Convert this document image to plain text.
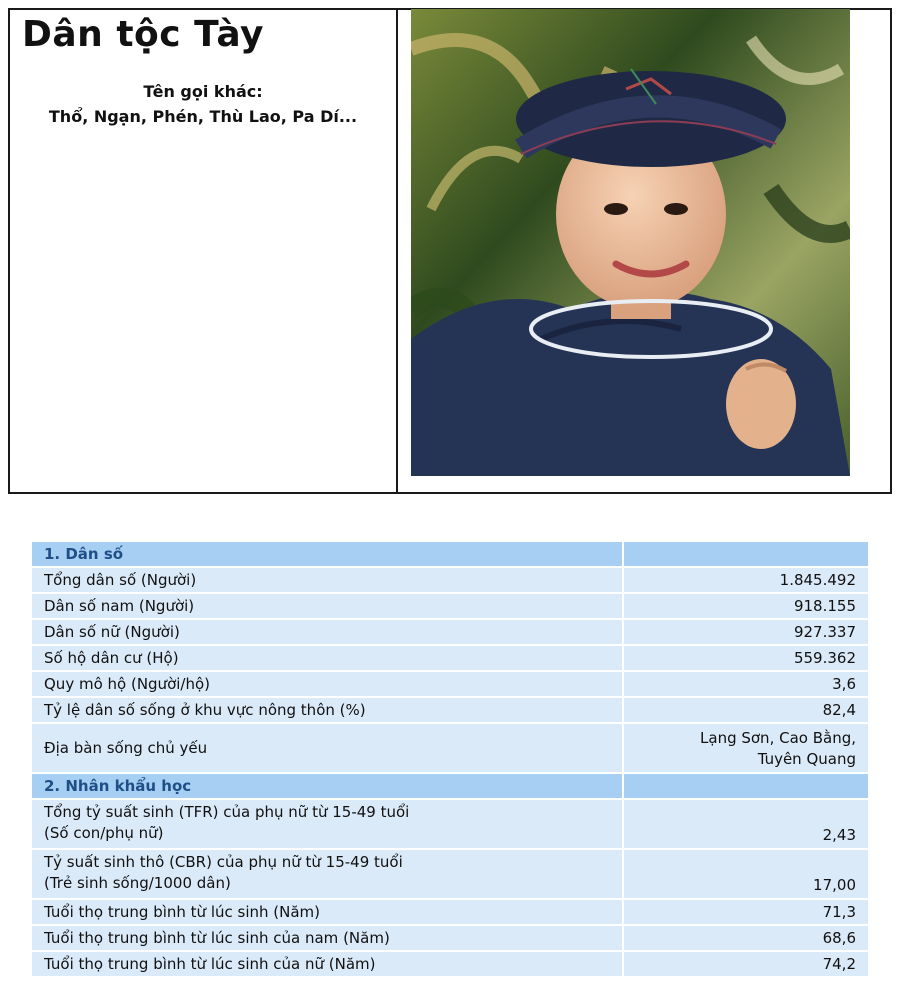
Dân tộc Tày
Tên gọi khác:
Thổ, Ngạn, Phén, Thù Lao, Pa Dí...
1. Dân số	
Tổng dân số (Người)	1.845.492
Dân số nam (Người)	918.155
Dân số nữ (Người)	927.337
Số hộ dân cư (Hộ)	559.362
Quy mô hộ (Người/hộ)	3,6
Tỷ lệ dân số sống ở khu vực nông thôn (%)	82,4
Địa bàn sống chủ yếu	Lạng Sơn, Cao Bằng,
Tuyên Quang

2. Nhân khẩu học	

Tổng tỷ suất sinh (TFR) của phụ nữ từ 15-49 tuổi
(Số con/phụ nữ)	2,43

Tỷ suất sinh thô (CBR) của phụ nữ từ 15-49 tuổi
(Trẻ sinh sống/1000 dân)	17,00
Tuổi thọ trung bình từ lúc sinh (Năm)	71,3
Tuổi thọ trung bình từ lúc sinh của nam (Năm)	68,6
Tuổi thọ trung bình từ lúc sinh của nữ (Năm)	74,2
